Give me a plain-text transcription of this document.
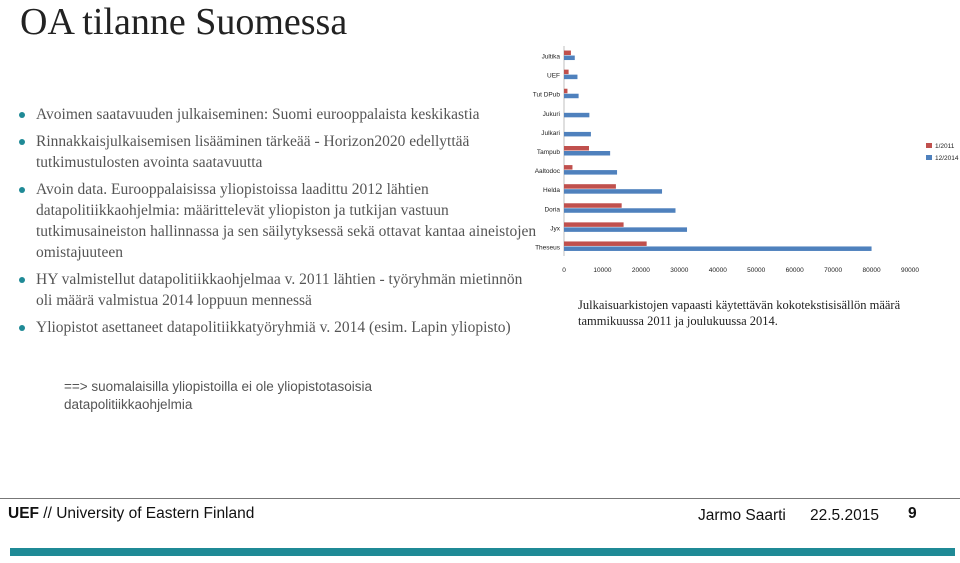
OA tilanne Suomessa
Avoimen saatavuuden julkaiseminen: Suomi eurooppalaista keskikastia
Rinnakkaisjulkaisemisen lisääminen tärkeää - Horizon2020 edellyttää tutkimustulosten avointa saatavuutta
Avoin data. Eurooppalaisissa yliopistoissa laadittu 2012 lähtien datapolitiikkaohjelmia: määrittelevät yliopiston ja tutkijan vastuun tutkimusaineiston hallinnassa ja sen säilytyksessä sekä ottavat kantaa aineistojen omistajuuteen
HY valmistellut datapolitiikkaohjelmaa v. 2011 lähtien - työryhmän mietinnön oli määrä valmistua 2014 loppuun mennessä
Yliopistot asettaneet datapolitiikkatyöryhmiä v. 2014 (esim. Lapin yliopisto)
==> suomalaisilla yliopistoilla ei ole yliopistotasoisia datapolitiikkaohjelmia
Jultika
UEF
Tut DPub
Jukuri
Julkari
Tampub
Aaltodoc
Helda
Doria
Jyx
Theseus
0	10000	20000	30000	40000	50000	60000	70000	80000	90000
1/2011
12/2014
Julkaisuarkistojen vapaasti käytettävän kokotekstisisällön määrä tammikuussa 2011 ja joulukuussa 2014.
UEF // University of Eastern Finland	Jarmo Saarti 22.5.2015 9
